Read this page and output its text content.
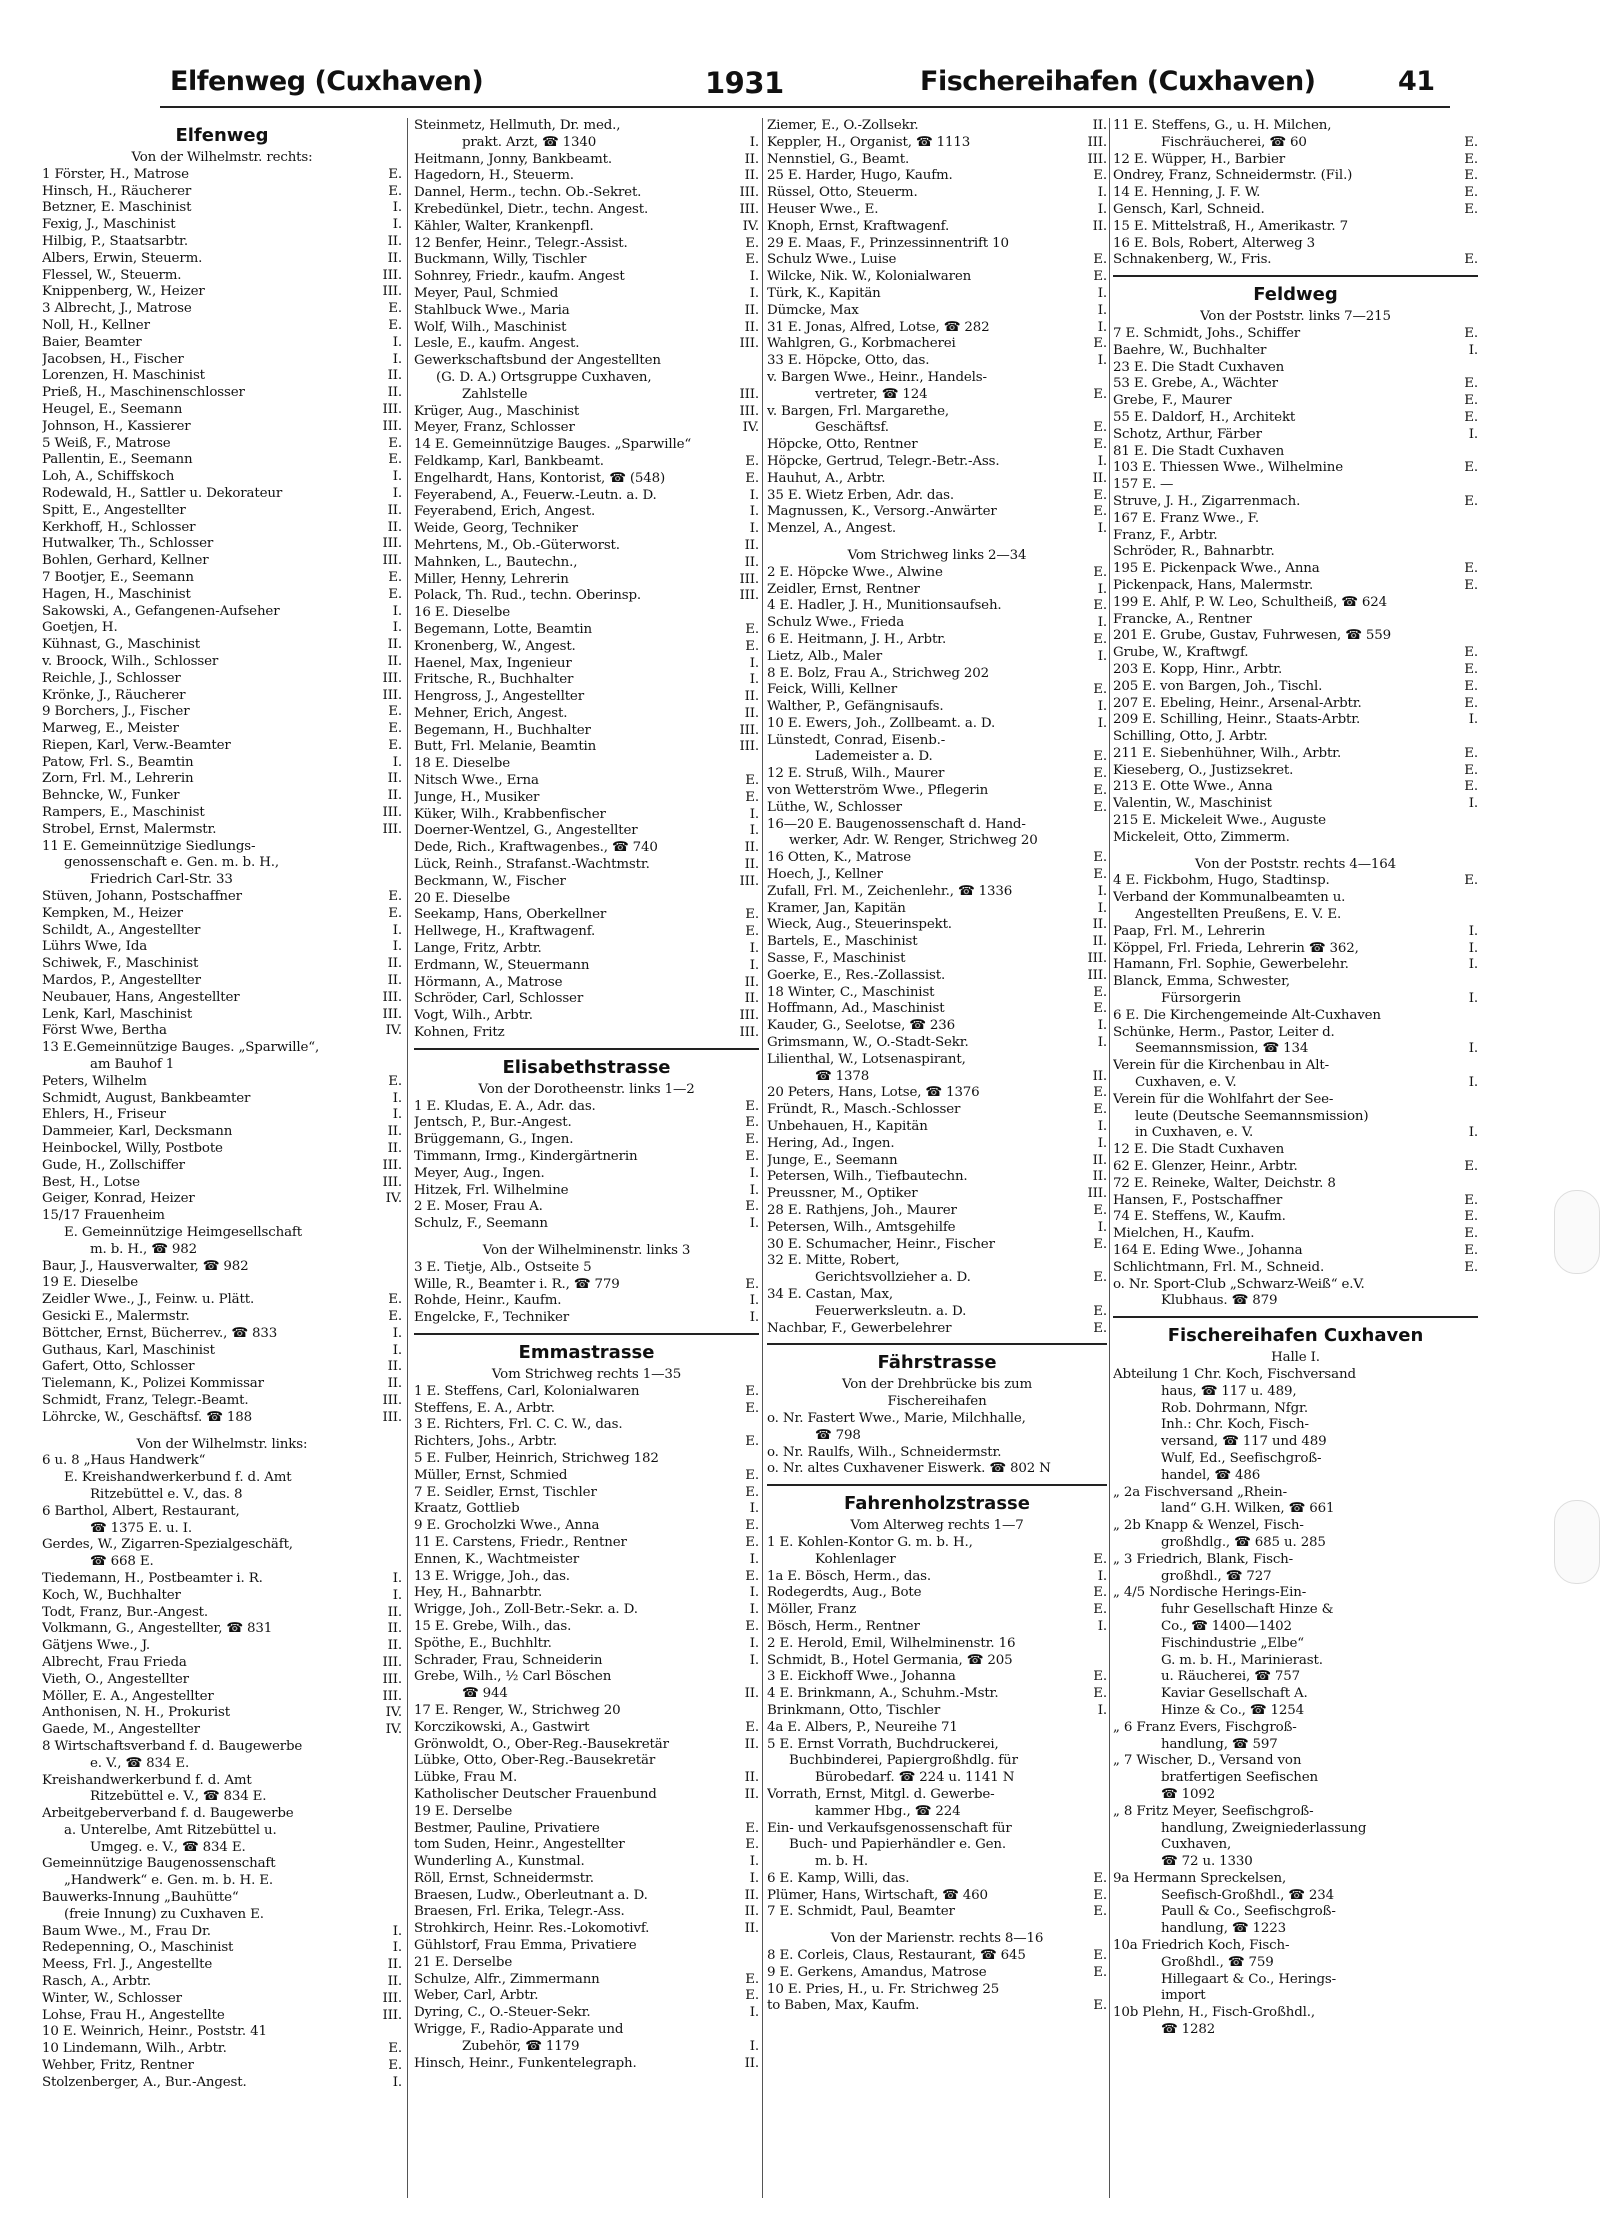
Elfenweg (Cuxhaven)	1931	Fischereihafen (Cuxhaven)	41
Elfenweg
Von der Wilhelmstr. rechts:
1 Förster, H., Matrose	E.
Hinsch, H., Räucherer	E.
Betzner, E. Maschinist	I.
Fexig, J., Maschinist	I.
Hilbig, P., Staatsarbtr.	II.
Albers, Erwin, Steuerm.	II.
Flessel, W., Steuerm.	III.
Knippenberg, W., Heizer	III.
3 Albrecht, J., Matrose	E.
Noll, H., Kellner	E.
Baier, Beamter	I.
Jacobsen, H., Fischer	I.
Lorenzen, H. Maschinist	II.
Prieß, H., Maschinenschlosser	II.
Heugel, E., Seemann	III.
Johnson, H., Kassierer	III.
5 Weiß, F., Matrose	E.
Pallentin, E., Seemann	E.
Loh, A., Schiffskoch	I.
Rodewald, H., Sattler u. Dekorateur	I.
Spitt, E., Angestellter	II.
Kerkhoff, H., Schlosser	II.
Hutwalker, Th., Schlosser	III.
Bohlen, Gerhard, Kellner	III.
7 Bootjer, E., Seemann	E.
Hagen, H., Maschinist	E.
Sakowski, A., Gefangenen-Aufseher	I.
Goetjen, H.	I.
Kühnast, G., Maschinist	II.
v. Broock, Wilh., Schlosser	II.
Reichle, J., Schlosser	III.
Krönke, J., Räucherer	III.
9 Borchers, J., Fischer	E.
Marweg, E., Meister	E.
Riepen, Karl, Verw.-Beamter	E.
Patow, Frl. S., Beamtin	I.
Zorn, Frl. M., Lehrerin	II.
Behncke, W., Funker	II.
Rampers, E., Maschinist	III.
Strobel, Ernst, Malermstr.	III.
11 E. Gemeinnützige Siedlungs-
genossenschaft e. Gen. m. b. H.,
Friedrich Carl-Str. 33
Stüven, Johann, Postschaffner	E.
Kempken, M., Heizer	E.
Schildt, A., Angestellter	I.
Lührs Wwe, Ida	I.
Schiwek, F., Maschinist	II.
Mardos, P., Angestellter	II.
Neubauer, Hans, Angestellter	III.
Lenk, Karl, Maschinist	III.
Först Wwe, Bertha	IV.
13 E.Gemeinnützige Bauges. „Sparwille“,
am Bauhof 1
Peters, Wilhelm	E.
Schmidt, August, Bankbeamter	I.
Ehlers, H., Friseur	I.
Dammeier, Karl, Decksmann	II.
Heinbockel, Willy, Postbote	II.
Gude, H., Zollschiffer	III.
Best, H., Lotse	III.
Geiger, Konrad, Heizer	IV.
15/17 Frauenheim
E. Gemeinnützige Heimgesellschaft
m. b. H., ☎ 982
Baur, J., Hausverwalter, ☎ 982
19 E. Dieselbe
Zeidler Wwe., J., Feinw. u. Plätt.	E.
Gesicki E., Malermstr.	E.
Böttcher, Ernst, Bücherrev., ☎ 833	I.
Guthaus, Karl, Maschinist	I.
Gafert, Otto, Schlosser	II.
Tielemann, K., Polizei Kommissar	II.
Schmidt, Franz, Telegr.-Beamt.	III.
Löhrcke, W., Geschäftsf. ☎ 188	III.
Von der Wilhelmstr. links:
6 u. 8 „Haus Handwerk“
E. Kreishandwerkerbund f. d. Amt
Ritzebüttel e. V., das. 8
6 Barthol, Albert, Restaurant,
☎ 1375 E. u. I.
Gerdes, W., Zigarren-Spezialgeschäft,
☎ 668 E.
Tiedemann, H., Postbeamter i. R.	I.
Koch, W., Buchhalter	I.
Todt, Franz, Bur.-Angest.	II.
Volkmann, G., Angestellter, ☎ 831	II.
Gätjens Wwe., J.	II.
Albrecht, Frau Frieda	III.
Vieth, O., Angestellter	III.
Möller, E. A., Angestellter	III.
Anthonisen, N. H., Prokurist	IV.
Gaede, M., Angestellter	IV.
8 Wirtschaftsverband f. d. Baugewerbe
e. V., ☎ 834 E.
Kreishandwerkerbund f. d. Amt
Ritzebüttel e. V., ☎ 834 E.
Arbeitgeberverband f. d. Baugewerbe
a. Unterelbe, Amt Ritzebüttel u.
Umgeg. e. V., ☎ 834 E.
Gemeinnützige Baugenossenschaft
„Handwerk“ e. Gen. m. b. H. E.
Bauwerks-Innung „Bauhütte“
(freie Innung) zu Cuxhaven E.
Baum Wwe., M., Frau Dr.	I.
Redepenning, O., Maschinist	I.
Meess, Frl. J., Angestellte	II.
Rasch, A., Arbtr.	II.
Winter, W., Schlosser	III.
Lohse, Frau H., Angestellte	III.
10 E. Weinrich, Heinr., Poststr. 41
10 Lindemann, Wilh., Arbtr.	E.
Wehber, Fritz, Rentner	E.
Stolzenberger, A., Bur.-Angest.	I.
Steinmetz, Hellmuth, Dr. med.,
prakt. Arzt, ☎ 1340	I.
Heitmann, Jonny, Bankbeamt.	II.
Hagedorn, H., Steuerm.	II.
Dannel, Herm., techn. Ob.-Sekret.	III.
Krebedünkel, Dietr., techn. Angest.	III.
Kähler, Walter, Krankenpfl.	IV.
12 Benfer, Heinr., Telegr.-Assist.	E.
Buckmann, Willy, Tischler	E.
Sohnrey, Friedr., kaufm. Angest	I.
Meyer, Paul, Schmied	I.
Stahlbuck Wwe., Maria	II.
Wolf, Wilh., Maschinist	II.
Lesle, E., kaufm. Angest.	III.
Gewerkschaftsbund der Angestellten
(G. D. A.) Ortsgruppe Cuxhaven,
Zahlstelle	III.
Krüger, Aug., Maschinist	III.
Meyer, Franz, Schlosser	IV.
14 E. Gemeinnützige Bauges. „Sparwille“
Feldkamp, Karl, Bankbeamt.	E.
Engelhardt, Hans, Kontorist, ☎ (548)	E.
Feyerabend, A., Feuerw.-Leutn. a. D.	I.
Feyerabend, Erich, Angest.	I.
Weide, Georg, Techniker	I.
Mehrtens, M., Ob.-Güterworst.	II.
Mahnken, L., Bautechn.,	II.
Miller, Henny, Lehrerin	III.
Polack, Th. Rud., techn. Oberinsp.	III.
16 E. Dieselbe
Begemann, Lotte, Beamtin	E.
Kronenberg, W., Angest.	E.
Haenel, Max, Ingenieur	I.
Fritsche, R., Buchhalter	I.
Hengross, J., Angestellter	II.
Mehner, Erich, Angest.	II.
Begemann, H., Buchhalter	III.
Butt, Frl. Melanie, Beamtin	III.
18 E. Dieselbe
Nitsch Wwe., Erna	E.
Junge, H., Musiker	E.
Küker, Wilh., Krabbenfischer	I.
Doerner-Wentzel, G., Angestellter	I.
Dede, Rich., Kraftwagenbes., ☎ 740	II.
Lück, Reinh., Strafanst.-Wachtmstr.	II.
Beckmann, W., Fischer	III.
20 E. Dieselbe
Seekamp, Hans, Oberkellner	E.
Hellwege, H., Kraftwagenf.	E.
Lange, Fritz, Arbtr.	I.
Erdmann, W., Steuermann	I.
Hörmann, A., Matrose	II.
Schröder, Carl, Schlosser	II.
Vogt, Wilh., Arbtr.	III.
Kohnen, Fritz	III.
Elisabethstrasse
Von der Dorotheenstr. links 1—2
1 E. Kludas, E. A., Adr. das.	E.
Jentsch, P., Bur.-Angest.	E.
Brüggemann, G., Ingen.	E.
Timmann, Irmg., Kindergärtnerin	E.
Meyer, Aug., Ingen.	I.
Hitzek, Frl. Wilhelmine	I.
2 E. Moser, Frau A.	E.
Schulz, F., Seemann	I.
Von der Wilhelminenstr. links 3
3 E. Tietje, Alb., Ostseite 5
Wille, R., Beamter i. R., ☎ 779	E.
Rohde, Heinr., Kaufm.	I.
Engelcke, F., Techniker	I.
Emmastrasse
Vom Strichweg rechts 1—35
1 E. Steffens, Carl, Kolonialwaren	E.
Steffens, E. A., Arbtr.	E.
3 E. Richters, Frl. C. C. W., das.
Richters, Johs., Arbtr.	E.
5 E. Fulber, Heinrich, Strichweg 182
Müller, Ernst, Schmied	E.
7 E. Seidler, Ernst, Tischler	E.
Kraatz, Gottlieb	I.
9 E. Grocholzki Wwe., Anna	E.
11 E. Carstens, Friedr., Rentner	E.
Ennen, K., Wachtmeister	I.
13 E. Wrigge, Joh., das.	E.
Hey, H., Bahnarbtr.	I.
Wrigge, Joh., Zoll-Betr.-Sekr. a. D.	I.
15 E. Grebe, Wilh., das.	E.
Spöthe, E., Buchhltr.	I.
Schrader, Frau, Schneiderin	I.
Grebe, Wilh., ½ Carl Böschen
☎ 944	II.
17 E. Renger, W., Strichweg 20
Korczikowski, A., Gastwirt	E.
Grönwoldt, O., Ober-Reg.-Bausekretär	II.
Lübke, Otto, Ober-Reg.-Bausekretär
Lübke, Frau M.	II.
Katholischer Deutscher Frauenbund	II.
19 E. Derselbe
Bestmer, Pauline, Privatiere	E.
tom Suden, Heinr., Angestellter	E.
Wunderling A., Kunstmal.	I.
Röll, Ernst, Schneidermstr.	I.
Braesen, Ludw., Oberleutnant a. D.	II.
Braesen, Frl. Erika, Telegr.-Ass.	II.
Strohkirch, Heinr. Res.-Lokomotivf.	II.
Gühlstorf, Frau Emma, Privatiere
21 E. Derselbe
Schulze, Alfr., Zimmermann	E.
Weber, Carl, Arbtr.	E.
Dyring, C., O.-Steuer-Sekr.	I.
Wrigge, F., Radio-Apparate und
Zubehör, ☎ 1179	I.
Hinsch, Heinr., Funkentelegraph.	II.
Ziemer, E., O.-Zollsekr.	II.
Keppler, H., Organist, ☎ 1113	III.
Nennstiel, G., Beamt.	III.
25 E. Harder, Hugo, Kaufm.	E.
Rüssel, Otto, Steuerm.	I.
Heuser Wwe., E.	I.
Knoph, Ernst, Kraftwagenf.	II.
29 E. Maas, F., Prinzessinnentrift 10
Schulz Wwe., Luise	E.
Wilcke, Nik. W., Kolonialwaren	E.
Türk, K., Kapitän	I.
Dümcke, Max	I.
31 E. Jonas, Alfred, Lotse, ☎ 282	I.
Wahlgren, G., Korbmacherei	E.
33 E. Höpcke, Otto, das.	I.
v. Bargen Wwe., Heinr., Handels-
vertreter, ☎ 124	E.
v. Bargen, Frl. Margarethe,
Geschäftsf.	E.
Höpcke, Otto, Rentner	E.
Höpcke, Gertrud, Telegr.-Betr.-Ass.	I.
Hauhut, A., Arbtr.	II.
35 E. Wietz Erben, Adr. das.	E.
Magnussen, K., Versorg.-Anwärter	E.
Menzel, A., Angest.	I.
Vom Strichweg links 2—34
2 E. Höpcke Wwe., Alwine	E.
Zeidler, Ernst, Rentner	I.
4 E. Hadler, J. H., Munitionsaufseh.	E.
Schulz Wwe., Frieda	I.
6 E. Heitmann, J. H., Arbtr.	E.
Lietz, Alb., Maler	I.
8 E. Bolz, Frau A., Strichweg 202
Feick, Willi, Kellner	E.
Walther, P., Gefängnisaufs.	I.
10 E. Ewers, Joh., Zollbeamt. a. D.	I.
Lünstedt, Conrad, Eisenb.-
Lademeister a. D.	E.
12 E. Struß, Wilh., Maurer	E.
von Wetterström Wwe., Pflegerin	E.
Lüthe, W., Schlosser	E.
16—20 E. Baugenossenschaft d. Hand-
werker, Adr. W. Renger, Strichweg 20
16 Otten, K., Matrose	E.
Hoech, J., Kellner	E.
Zufall, Frl. M., Zeichenlehr., ☎ 1336	I.
Kramer, Jan, Kapitän	I.
Wieck, Aug., Steuerinspekt.	II.
Bartels, E., Maschinist	II.
Sasse, F., Maschinist	III.
Goerke, E., Res.-Zollassist.	III.
18 Winter, C., Maschinist	E.
Hoffmann, Ad., Maschinist	E.
Kauder, G., Seelotse, ☎ 236	I.
Grimsmann, W., O.-Stadt-Sekr.	I.
Lilienthal, W., Lotsenaspirant,
☎ 1378	II.
20 Peters, Hans, Lotse, ☎ 1376	E.
Fründt, R., Masch.-Schlosser	E.
Unbehauen, H., Kapitän	I.
Hering, Ad., Ingen.	I.
Junge, E., Seemann	II.
Petersen, Wilh., Tiefbautechn.	II.
Preussner, M., Optiker	III.
28 E. Rathjens, Joh., Maurer	E.
Petersen, Wilh., Amtsgehilfe	I.
30 E. Schumacher, Heinr., Fischer	E.
32 E. Mitte, Robert,
Gerichtsvollzieher a. D.	E.
34 E. Castan, Max,
Feuerwerksleutn. a. D.	E.
Nachbar, F., Gewerbelehrer	E.
Fährstrasse
Von der Drehbrücke bis zum
Fischereihafen
o. Nr. Fastert Wwe., Marie, Milchhalle,
☎ 798
o. Nr. Raulfs, Wilh., Schneidermstr.
o. Nr. altes Cuxhavener Eiswerk. ☎ 802 N
Fahrenholzstrasse
Vom Alterweg rechts 1—7
1 E. Kohlen-Kontor G. m. b. H.,
Kohlenlager	E.
1a E. Bösch, Herm., das.	I.
Rodegerdts, Aug., Bote	E.
Möller, Franz	E.
Bösch, Herm., Rentner	I.
2 E. Herold, Emil, Wilhelminenstr. 16
Schmidt, B., Hotel Germania, ☎ 205
3 E. Eickhoff Wwe., Johanna	E.
4 E. Brinkmann, A., Schuhm.-Mstr.	E.
Brinkmann, Otto, Tischler	I.
4a E. Albers, P., Neureihe 71
5 E. Ernst Vorrath, Buchdruckerei,
Buchbinderei, Papiergroßhdlg. für
Bürobedarf. ☎ 224 u. 1141 N
Vorrath, Ernst, Mitgl. d. Gewerbe-
kammer Hbg., ☎ 224
Ein- und Verkaufsgenossenschaft für
Buch- und Papierhändler e. Gen.
m. b. H.
6 E. Kamp, Willi, das.	E.
Plümer, Hans, Wirtschaft, ☎ 460	E.
7 E. Schmidt, Paul, Beamter	E.
Von der Marienstr. rechts 8—16
8 E. Corleis, Claus, Restaurant, ☎ 645	E.
9 E. Gerkens, Amandus, Matrose	E.
10 E. Pries, H., u. Fr. Strichweg 25
to Baben, Max, Kaufm.	E.
11 E. Steffens, G., u. H. Milchen,
Fischräucherei, ☎ 60	E.
12 E. Wüpper, H., Barbier	E.
Ondrey, Franz, Schneidermstr. (Fil.)	E.
14 E. Henning, J. F. W.	E.
Gensch, Karl, Schneid.	E.
15 E. Mittelstraß, H., Amerikastr. 7
16 E. Bols, Robert, Alterweg 3
Schnakenberg, W., Fris.	E.
Feldweg
Von der Poststr. links 7—215
7 E. Schmidt, Johs., Schiffer	E.
Baehre, W., Buchhalter	I.
23 E. Die Stadt Cuxhaven
53 E. Grebe, A., Wächter	E.
Grebe, F., Maurer	E.
55 E. Daldorf, H., Architekt	E.
Schotz, Arthur, Färber	I.
81 E. Die Stadt Cuxhaven
103 E. Thiessen Wwe., Wilhelmine	E.
157 E. —
Struve, J. H., Zigarrenmach.	E.
167 E. Franz Wwe., F.
Franz, F., Arbtr.
Schröder, R., Bahnarbtr.
195 E. Pickenpack Wwe., Anna	E.
Pickenpack, Hans, Malermstr.	E.
199 E. Ahlf, P. W. Leo, Schultheiß, ☎ 624
Francke, A., Rentner
201 E. Grube, Gustav, Fuhrwesen, ☎ 559
Grube, W., Kraftwgf.	E.
203 E. Kopp, Hinr., Arbtr.	E.
205 E. von Bargen, Joh., Tischl.	E.
207 E. Ebeling, Heinr., Arsenal-Arbtr.	E.
209 E. Schilling, Heinr., Staats-Arbtr.	I.
Schilling, Otto, J. Arbtr.
211 E. Siebenhühner, Wilh., Arbtr.	E.
Kieseberg, O., Justizsekret.	E.
213 E. Otte Wwe., Anna	E.
Valentin, W., Maschinist	I.
215 E. Mickeleit Wwe., Auguste
Mickeleit, Otto, Zimmerm.
Von der Poststr. rechts 4—164
4 E. Fickbohm, Hugo, Stadtinsp.	E.
Verband der Kommunalbeamten u.
Angestellten Preußens, E. V. E.
Paap, Frl. M., Lehrerin	I.
Köppel, Frl. Frieda, Lehrerin ☎ 362,	I.
Hamann, Frl. Sophie, Gewerbelehr.	I.
Blanck, Emma, Schwester,
Fürsorgerin	I.
6 E. Die Kirchengemeinde Alt-Cuxhaven
Schünke, Herm., Pastor, Leiter d.
Seemannsmission, ☎ 134	I.
Verein für die Kirchenbau in Alt-
Cuxhaven, e. V.	I.
Verein für die Wohlfahrt der See-
leute (Deutsche Seemannsmission)
in Cuxhaven, e. V.	I.
12 E. Die Stadt Cuxhaven
62 E. Glenzer, Heinr., Arbtr.	E.
72 E. Reineke, Walter, Deichstr. 8
Hansen, F., Postschaffner	E.
74 E. Steffens, W., Kaufm.	E.
Mielchen, H., Kaufm.	E.
164 E. Eding Wwe., Johanna	E.
Schlichtmann, Frl. M., Schneid.	E.
o. Nr. Sport-Club „Schwarz-Weiß“ e.V.
Klubhaus. ☎ 879
Fischereihafen Cuxhaven
Halle I.
Abteilung 1 Chr. Koch, Fischversand
haus, ☎ 117 u. 489,
Rob. Dohrmann, Nfgr.
Inh.: Chr. Koch, Fisch-
versand, ☎ 117 und 489
Wulf, Ed., Seefischgroß-
handel, ☎ 486
„ 2a Fischversand „Rhein-
land“ G.H. Wilken, ☎ 661
„ 2b Knapp & Wenzel, Fisch-
großhdlg., ☎ 685 u. 285
„ 3 Friedrich, Blank, Fisch-
großhdl., ☎ 727
„ 4/5 Nordische Herings-Ein-
fuhr Gesellschaft Hinze &
Co., ☎ 1400—1402
Fischindustrie „Elbe“
G. m. b. H., Marinierast.
u. Räucherei, ☎ 757
Kaviar Gesellschaft A.
Hinze & Co., ☎ 1254
„ 6 Franz Evers, Fischgroß-
handlung, ☎ 597
„ 7 Wischer, D., Versand von
bratfertigen Seefischen
☎ 1092
„ 8 Fritz Meyer, Seefischgroß-
handlung, Zweigniederlassung
Cuxhaven,
☎ 72 u. 1330
9a Hermann Spreckelsen,
Seefisch-Großhdl., ☎ 234
Paull & Co., Seefischgroß-
handlung, ☎ 1223
10a Friedrich Koch, Fisch-
Großhdl., ☎ 759
Hillegaart & Co., Herings-
import
10b Plehn, H., Fisch-Großhdl.,
☎ 1282
